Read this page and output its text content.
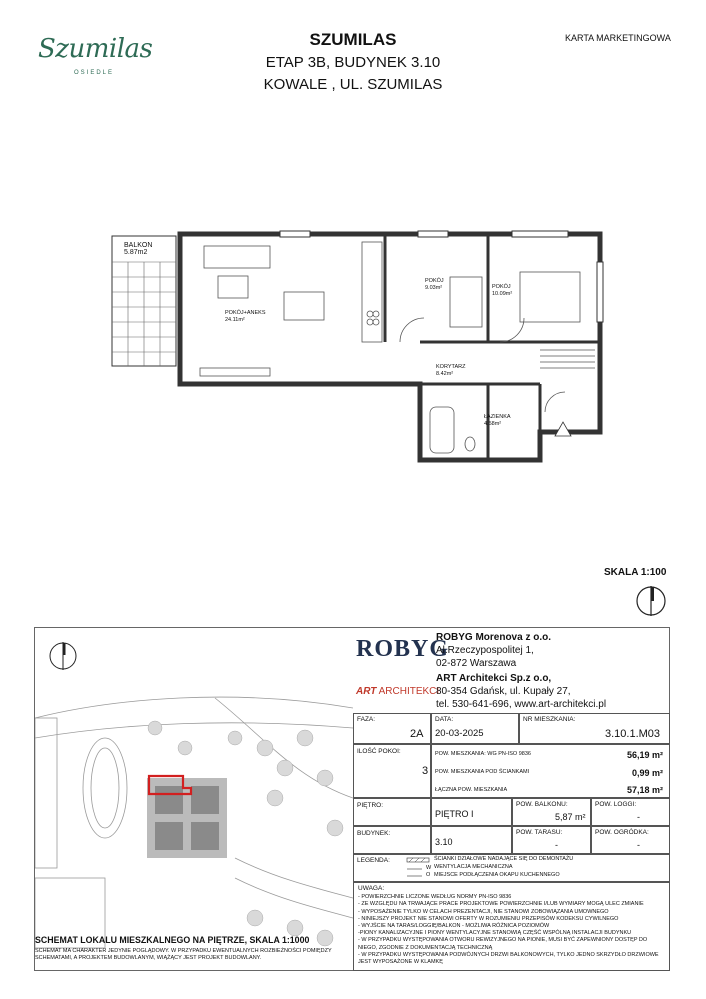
Szumilas
OSIEDLE
SZUMILAS
ETAP 3B, BUDYNEK 3.10
KOWALE , UL. SZUMILAS
KARTA MARKETINGOWA
BALKON
5.87m2
POKÓJ+ANEKS
24.11m²
POKÓJ
9.03m²	POKÓJ
10.09m²
KORYTARZ
8.42m²
ŁAZIENKA
4.58m²
SKALA 1:100
SCHEMAT LOKALU MIESZKALNEGO NA PIĘTRZE, SKALA 1:1000
SCHEMAT MA CHARAKTER JEDYNIE POGLĄDOWY. W PRZYPADKU EWENTUALNYCH ROZBIEŻNOŚCI POMIĘDZY SCHEMATAMI, A PROJEKTEM BUDOWLANYM, WIĄŻĄCY JEST PROJEKT BUDOWLANY.
ROBYG
ROBYG Morenova z o.o.
Al.Rzeczypospolitej 1,
02-872 Warszawa
ART ARCHITEKCI
ART Architekci Sp.z o.o,
80-354 Gdańsk, ul. Kupały 27,
tel. 530-641-696, www.art-architekci.pl
FAZA:
2A
DATA:
20-03-2025
NR MIESZKANIA:
3.10.1.M03
ILOŚĆ POKOI:
3
POW. MIESZKANIA: WG PN-ISO 9836	56,19 m²
POW. MIESZKANIA POD ŚCIANKAMI	0,99 m²
ŁĄCZNA POW. MIESZKANIA	57,18 m²
PIĘTRO:
PIĘTRO I
POW. BALKONU:
5,87 m²
POW. LOGGI:
-
BUDYNEK:
3.10
POW. TARASU:
-
POW. OGRÓDKA:
-
LEGENDA:
W
O
ŚCIANKI DZIAŁOWE NADAJĄCE SIĘ DO DEMONTAŻU
WENTYLACJA MECHANICZNA
MIEJSCE PODŁĄCZENIA OKAPU KUCHENNEGO
UWAGA:
- POWIERZCHNIE LICZONE WEDŁUG NORMY PN-ISO 9836
- ZE WZGLĘDU NA TRWAJĄCE PRACE PROJEKTOWE POWIERZCHNIE I/LUB WYMIARY MOGĄ ULEC ZMIANIE
- WYPOSAŻENIE TYLKO W CELACH PREZENTACJI, NIE STANOWI ZOBOWIĄZANIA UMOWNEGO
- NINIEJSZY PROJEKT NIE STANOWI OFERTY W ROZUMIENIU PRZEPISÓW KODEKSU CYWILNEGO
- WYJŚCIE NA TARAS/LOGGIĘ/BALKON - MOŻLIWA RÓŻNICA POZIOMÓW
-PIONY KANALIZACYJNE I PIONY WENTYLACYJNE STANOWIĄ CZĘŚĆ WSPÓLNĄ INSTALACJI BUDYNKU
- W PRZYPADKU WYSTĘPOWANIA OTWORU REWIZYJNEGO NA PIONIE, MUSI BYĆ ZAPEWNIONY DOSTĘP DO NIEGO, ZGODNIE Z DOKUMENTACJĄ TECHNICZNĄ
- W PRZYPADKU WYSTĘPOWANIA PODWÓJNYCH DRZWI BALKONOWYCH, TYLKO JEDNO SKRZYDŁO DRZWIOWE JEST WYPOSAŻONE W KLAMKĘ
